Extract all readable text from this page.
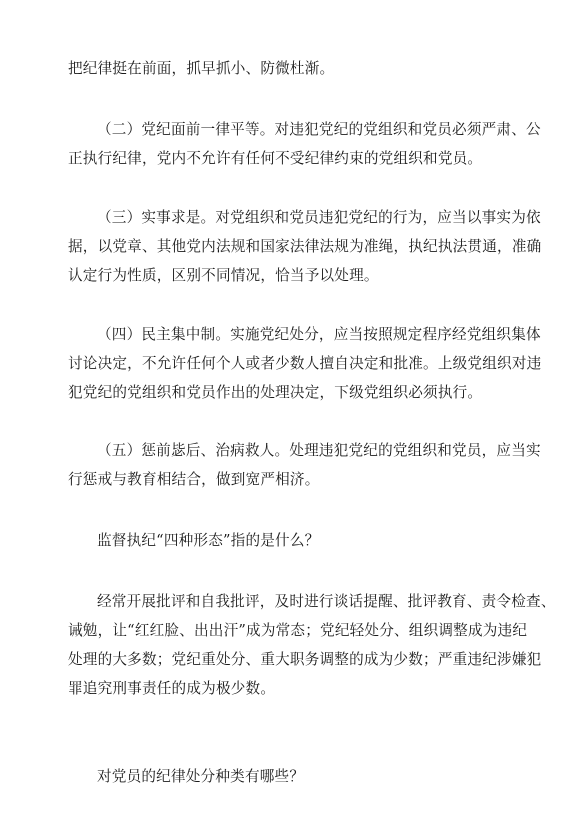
把纪律挺在前面，抓早抓小、防微杜渐。

（二）党纪面前一律平等。对违犯党纪的党组织和党员必须严肃、公
正执行纪律，党内不允许有任何不受纪律约束的党组织和党员。

（三）实事求是。对党组织和党员违犯党纪的行为，应当以事实为依
据，以党章、其他党内法规和国家法律法规为准绳，执纪执法贯通，准确
认定行为性质，区别不同情况，恰当予以处理。

（四）民主集中制。实施党纪处分，应当按照规定程序经党组织集体
讨论决定，不允许任何个人或者少数人擅自决定和批准。上级党组织对违
犯党纪的党组织和党员作出的处理决定，下级党组织必须执行。

（五）惩前毖后、治病救人。处理违犯党纪的党组织和党员，应当实
行惩戒与教育相结合，做到宽严相济。

监督执纪“四种形态”指的是什么？

经常开展批评和自我批评，及时进行谈话提醒、批评教育、责令检查、
诫勉，让“红红脸、出出汗”成为常态；党纪轻处分、组织调整成为违纪
处理的大多数；党纪重处分、重大职务调整的成为少数；严重违纪涉嫌犯
罪追究刑事责任的成为极少数。

对党员的纪律处分种类有哪些？
